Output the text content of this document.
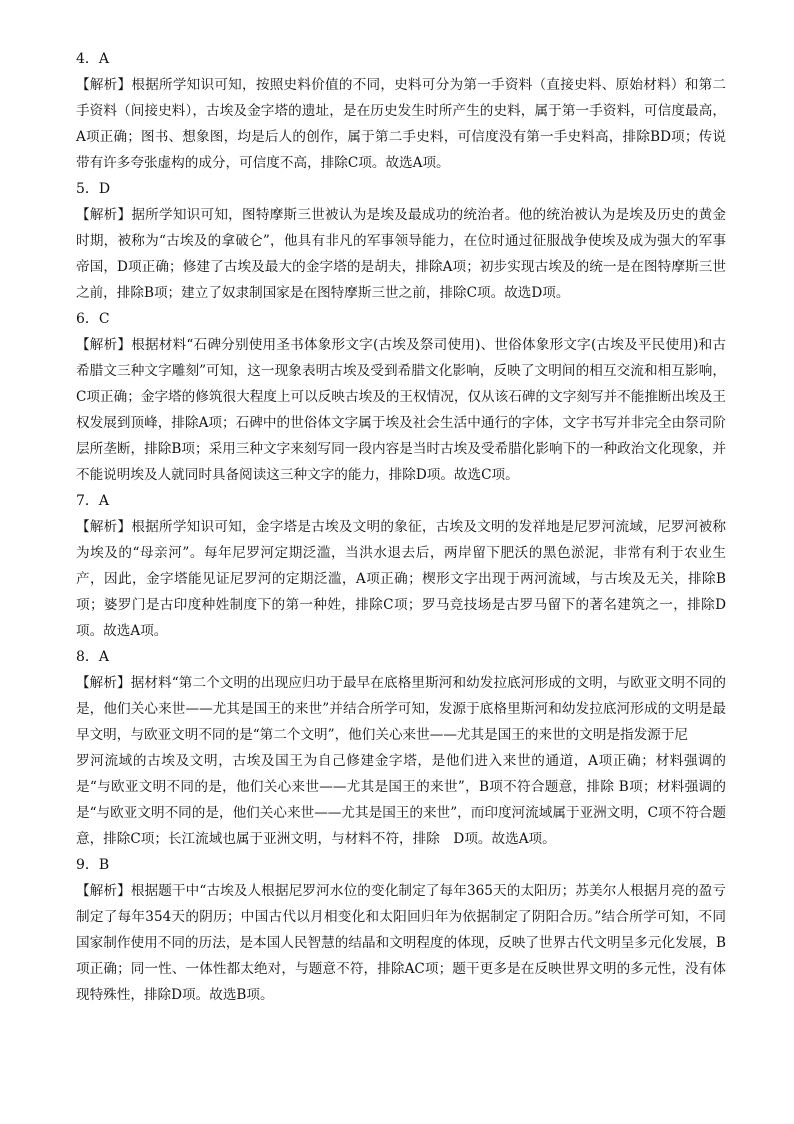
4．A

【解析】根据所学知识可知，按照史料价值的不同，史料可分为第一手资料（直接史料、原始材料）和第二手资料（间接史料），古埃及金字塔的遗址，是在历史发生时所产生的史料，属于第一手资料，可信度最高，A项正确；图书、想象图，均是后人的创作，属于第二手史料，可信度没有第一手史料高，排除BD项；传说带有许多夸张虚构的成分，可信度不高，排除C项。故选A项。

5．D

【解析】据所学知识可知，图特摩斯三世被认为是埃及最成功的统治者。他的统治被认为是埃及历史的黄金时期，被称为“古埃及的拿破仑”，他具有非凡的军事领导能力，在位时通过征服战争使埃及成为强大的军事帝国，D项正确；修建了古埃及最大的金字塔的是胡夫，排除A项；初步实现古埃及的统一是在图特摩斯三世之前，排除B项；建立了奴隶制国家是在图特摩斯三世之前，排除C项。故选D项。

6．C

【解析】根据材料“石碑分别使用圣书体象形文字(古埃及祭司使用)、世俗体象形文字(古埃及平民使用)和古希腊文三种文字雕刻”可知，这一现象表明古埃及受到希腊文化影响，反映了文明间的相互交流和相互影响，C项正确；金字塔的修筑很大程度上可以反映古埃及的王权情况，仅从该石碑的文字刻写并不能推断出埃及王权发展到顶峰，排除A项；石碑中的世俗体文字属于埃及社会生活中通行的字体，文字书写并非完全由祭司阶层所垄断，排除B项；采用三种文字来刻写同一段内容是当时古埃及受希腊化影响下的一种政治文化现象，并不能说明埃及人就同时具备阅读这三种文字的能力，排除D项。故选C项。

7．A

【解析】根据所学知识可知，金字塔是古埃及文明的象征，古埃及文明的发祥地是尼罗河流域，尼罗河被称为埃及的“母亲河”。每年尼罗河定期泛滥，当洪水退去后，两岸留下肥沃的黑色淤泥，非常有利于农业生产，因此，金字塔能见证尼罗河的定期泛滥，A项正确；楔形文字出现于两河流域，与古埃及无关，排除B项；婆罗门是古印度种姓制度下的第一种姓，排除C项；罗马竞技场是古罗马留下的著名建筑之一，排除D项。故选A项。

8．A

【解析】据材料“第二个文明的出现应归功于最早在底格里斯河和幼发拉底河形成的文明，与欧亚文明不同的是，他们关心来世——尤其是国王的来世”并结合所学可知，发源于底格里斯河和幼发拉底河形成的文明是最早文明，与欧亚文明不同的是“第二个文明”，他们关心来世——尤其是国王的来世的文明是指发源于尼

罗河流域的古埃及文明，古埃及国王为自己修建金字塔，是他们进入来世的通道，A项正确；材料强调的是“与欧亚文明不同的是，他们关心来世——尤其是国王的来世”，B项不符合题意，排除 B项；材料强调的是“与欧亚文明不同的是，他们关心来世——尤其是国王的来世”，而印度河流域属于亚洲文明，C项不符合题意，排除C项；长江流域也属于亚洲文明，与材料不符，排除　D项。故选A项。

9．B

【解析】根据题干中“古埃及人根据尼罗河水位的变化制定了每年365天的太阳历；苏美尔人根据月亮的盈亏制定了每年354天的阴历；中国古代以月相变化和太阳回归年为依据制定了阴阳合历。”结合所学可知，不同国家制作使用不同的历法，是本国人民智慧的结晶和文明程度的体现，反映了世界古代文明呈多元化发展，B项正确；同一性、一体性都太绝对，与题意不符，排除AC项；题干更多是在反映世界文明的多元性，没有体现特殊性，排除D项。故选B项。
